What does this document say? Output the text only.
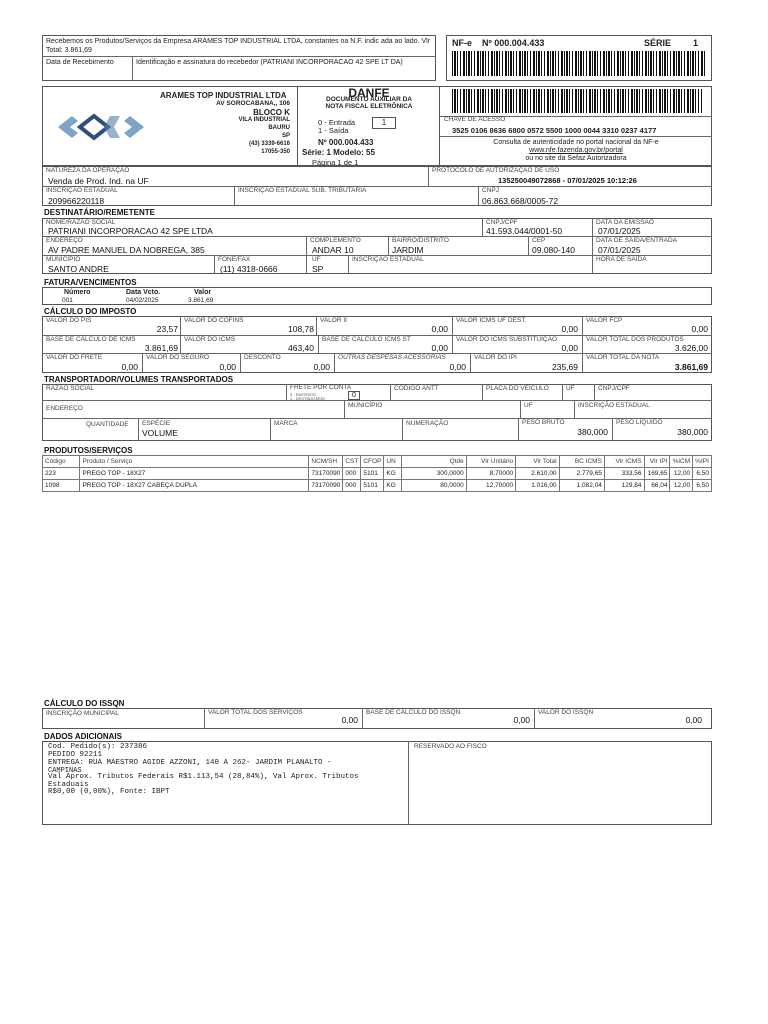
Recebemos os Produtos/Serviços da Empresa ARAMES TOP INDUSTRIAL LTDA, constantes na N.F. indic ada ao lado. Vlr Total: 3.861,69
Data de Recebimento	Identificação e assinatura do recebedor (PATRIANI INCORPORACAO 42 SPE LT DA)
NF-e Nº 000.004.433	SÉRIE 1
ARAMES TOP INDUSTRIAL LTDA
AV SOROCABANA,, 106
BLOCO K
VILA INDUSTRIAL
BAURU
SP
(43) 3339-6616
17055-350
DANFE
DOCUMENTO AUXILIAR DA NOTA FISCAL ELETRÔNICA
0 - Entrada
1 - Saída
1
Nº 000.004.433
Série: 1 Modelo: 55
Página 1 de 1
CHAVE DE ACESSO
3525 0106 8636 6800 0572 5500 1000 0044 3310 0237 4177
Consulta de autenticidade no portal nacional da NF-e
www.nfe.fazenda.gov.br/portal
ou no site da Sefaz Autorizadora
NATUREZA DA OPERAÇÃO
Venda de Prod. Ind. na UF
PROTOCOLO DE AUTORIZAÇÃO DE USO
135250049072868 - 07/01/2025 10:12:26
INSCRIÇÃO ESTADUAL
209966220118
INSCRIÇÃO ESTADUAL SUB. TRIBUTARIA	CNPJ
06.863.668/0005-72
DESTINATÁRIO/REMETENTE
NOME/RAZÃO SOCIAL
PATRIANI INCORPORACAO 42 SPE LTDA
CNPJ/CPF
41.593.044/0001-50
DATA DA EMISSÃO
07/01/2025
ENDEREÇO
AV PADRE MANUEL DA NOBREGA, 385
COMPLEMENTO
ANDAR 10
BAIRRO/DISTRITO
JARDIM
CEP
09.080-140
DATA DE SAÍDA/ENTRADA
07/01/2025
MUNICÍPIO
SANTO ANDRE
FONE/FAX
(11) 4318-0666
UF
SP
INSCRIÇÃO ESTADUAL	HORA DE SAÍDA
FATURA/VENCIMENTOS
Número	Data Vcto.	Valor
001	04/02/2025	3.861,69
CÁLCULO DO IMPOSTO
VALOR DO PIS
23,57
VALOR DO COFINS
108,78
VALOR II
0,00
VALOR ICMS UF DEST.
0,00
VALOR FCP
0,00
BASE DE CÁLCULO DE ICMS
3.861,69
VALOR DO ICMS
463,40
BASE DE CÁLCULO ICMS ST
0,00
VALOR DO ICMS SUBSTITUIÇÃO
0,00
VALOR TOTAL DOS PRODUTOS
3.626,00
VALOR DO FRETE
0,00
VALOR DO SEGURO
0,00
DESCONTO
0,00
OUTRAS DESPESAS ACESSÓRIAS
0,00
VALOR DO IPI
235,69
VALOR TOTAL DA NOTA
3.861,69
TRANSPORTADOR/VOLUMES TRANSPORTADOS
RAZÃO SOCIAL	FRETE POR CONTA
0 - EMITENTE
1 - DESTINATÁRIO	0
CÓDIGO ANTT	PLACA DO VEÍCULO	UF	CNPJ/CPF
ENDEREÇO	MUNICÍPIO	UF	INSCRIÇÃO ESTADUAL
QUANTIDADE ESPÉCIE
VOLUME
MARCA	NUMERAÇÃO	PESO BRUTO
380,000
PESO LÍQUIDO
380,000
PRODUTOS/SERVIÇOS
Código	Produto / Serviço	NCM/SH	CST	CFOP	UN	Qtde	Vlr Unitário	Vlr Total	BC ICMS	Vlr ICMS	Vlr IPI	%ICM	%IPI
223	PREGO TOP - 18X27	73170090	000	5101	KG	300,0000	8,70000	2.610,00	2.779,65	333,56	169,65	12,00	6,50
1098	PREGO TOP - 18X27 CABEÇA DUPLA	73170090	000	5101	KG	80,0000	12,70000	1.016,00	1.082,04	129,84	66,04	12,00	6,50
CÁLCULO DO ISSQN
INSCRIÇÃO MUNICIPAL	VALOR TOTAL DOS SERVIÇOS
0,00
BASE DE CÁLCULO DO ISSQN
0,00
VALOR DO ISSQN
0,00
DADOS ADICIONAIS
Cod. Pedido(s): 237386
PEDIDO 92211
ENTREGA: RUA MAESTRO AGIDE AZZONI, 140 A 262- JARDIM PLANALTO -
CAMPINAS
Val Aprox. Tributos Federais R$1.113,54 (28,84%), Val Aprox. Tributos
Estaduais
R$0,00 (0,00%), Fonte: IBPT
RESERVADO AO FISCO
